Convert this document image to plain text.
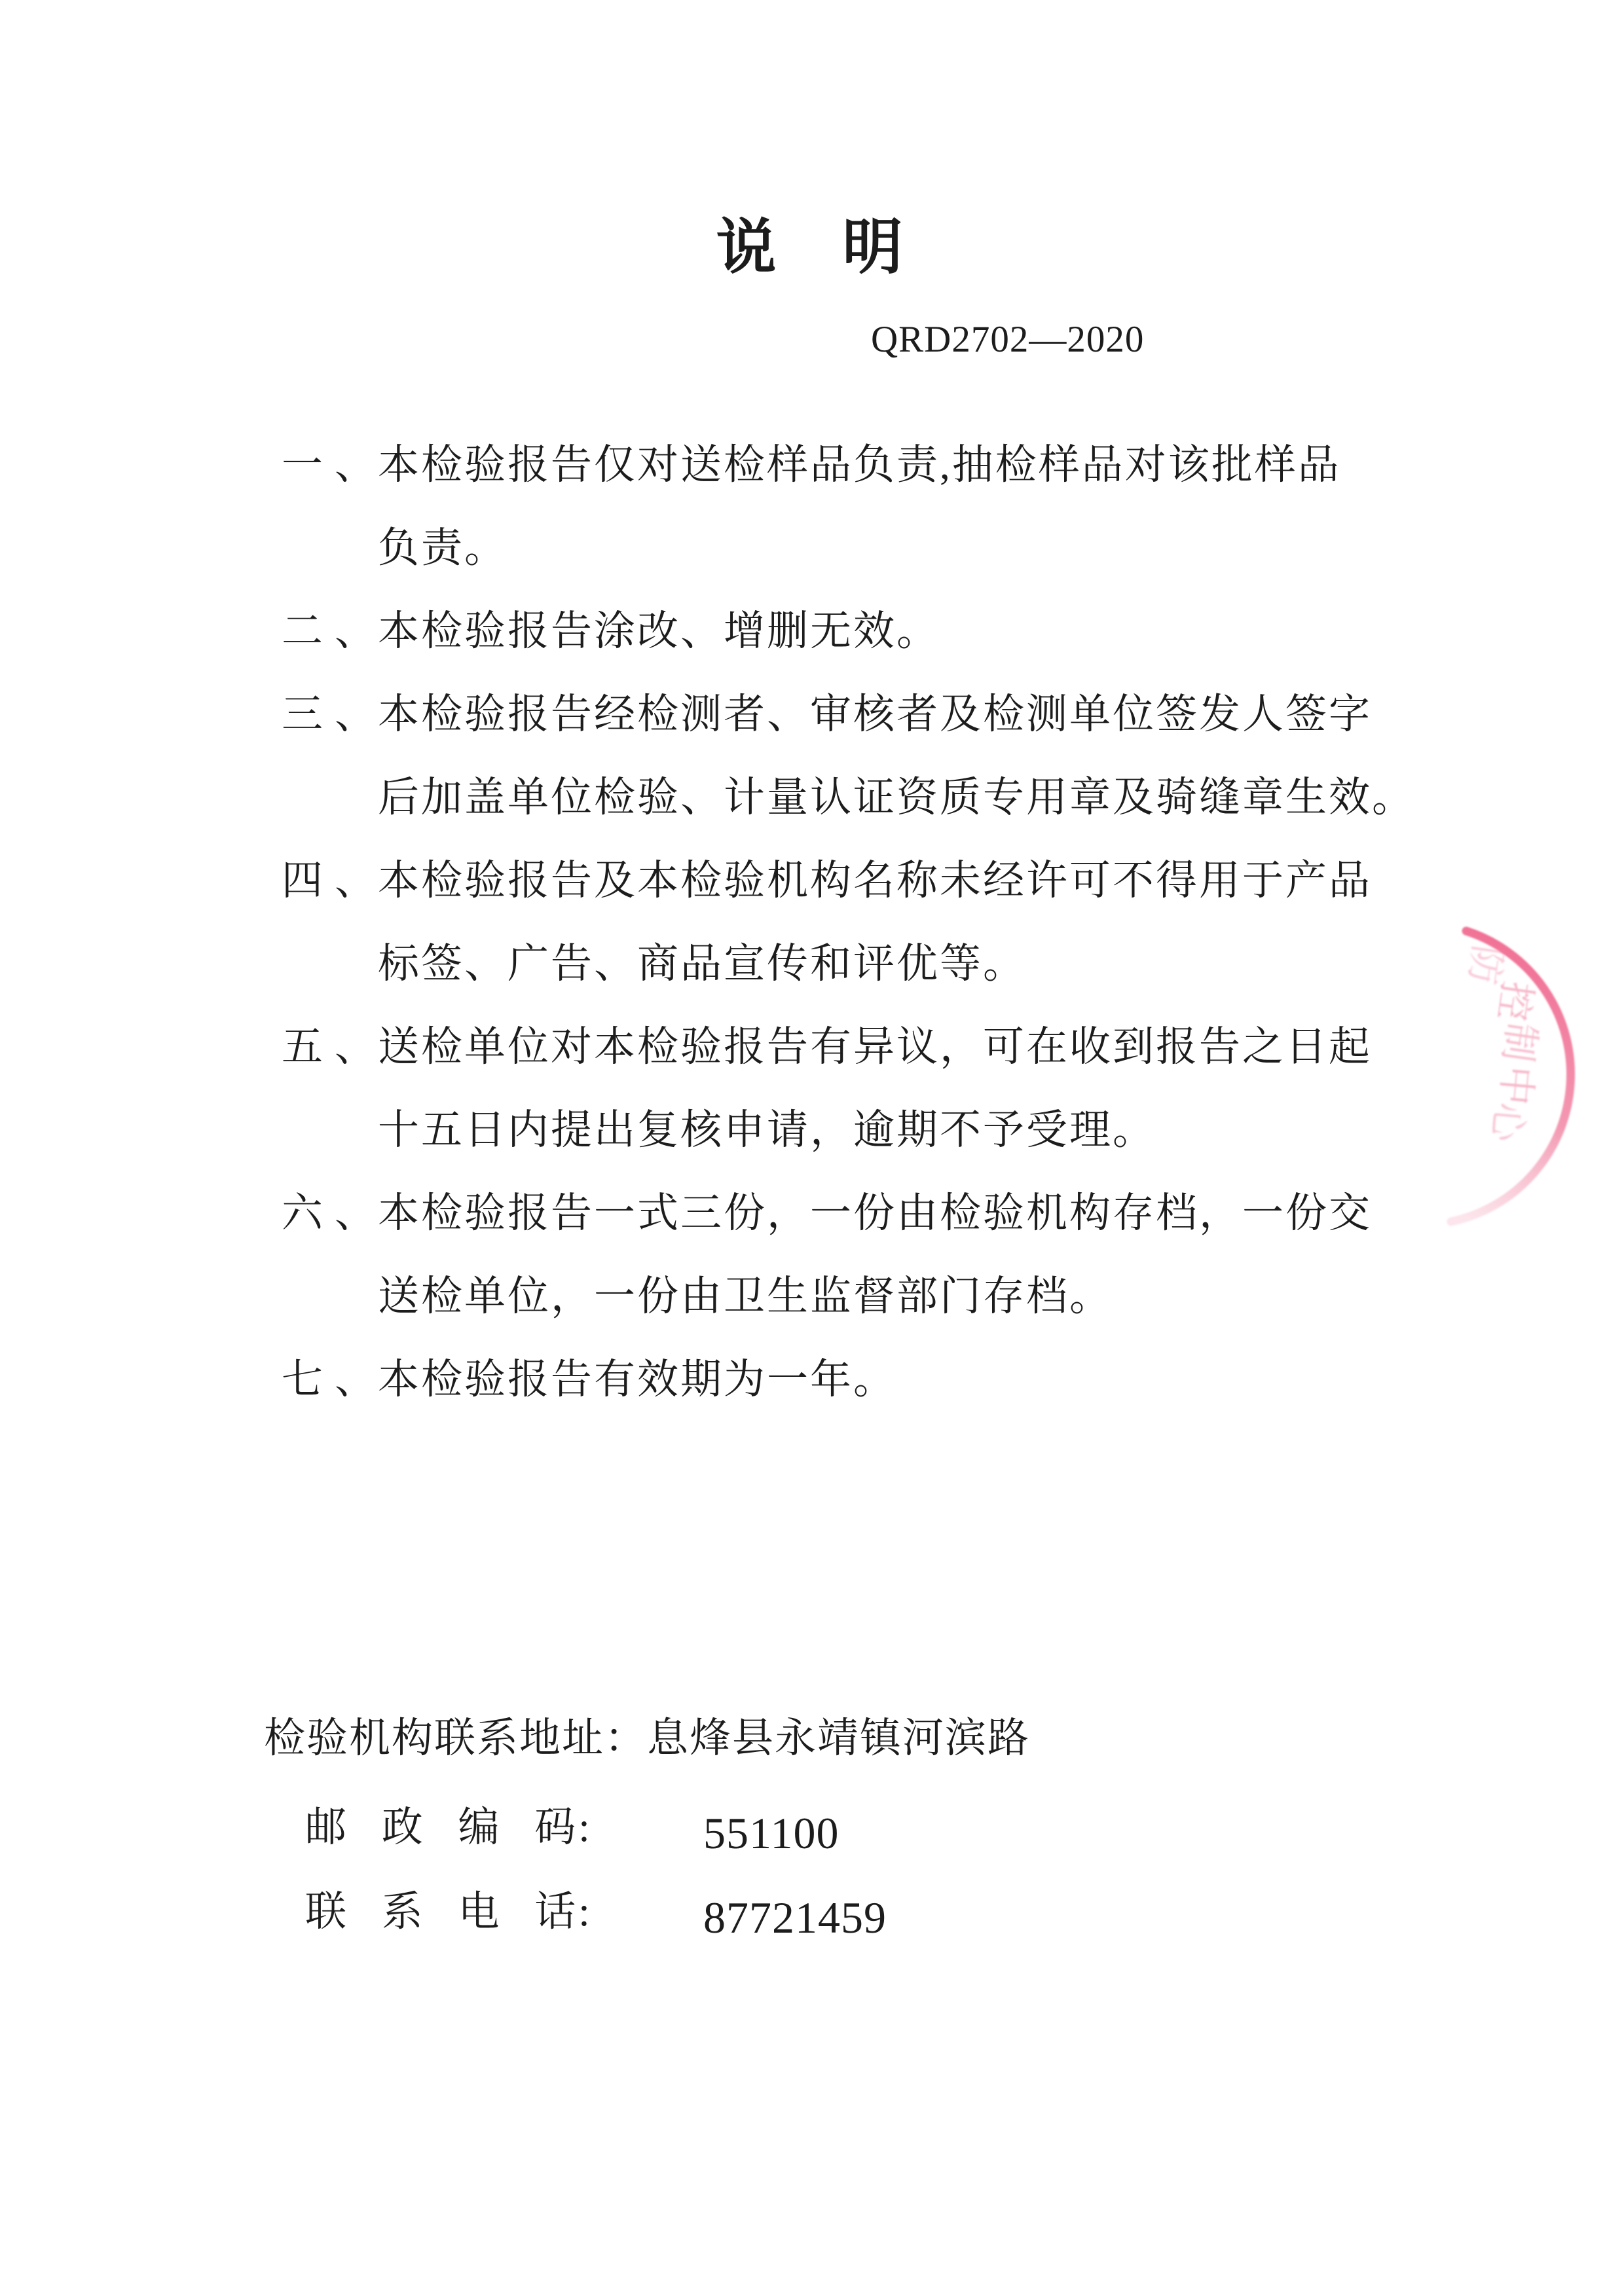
说 明
QRD2702—2020
一、本检验报告仅对送检样品负责,抽检样品对该批样品
负责。
二、本检验报告涂改、增删无效。
三、本检验报告经检测者、审核者及检测单位签发人签字
后加盖单位检验、计量认证资质专用章及骑缝章生效。
四、本检验报告及本检验机构名称未经许可不得用于产品
标签、广告、商品宣传和评优等。
五、送检单位对本检验报告有异议，可在收到报告之日起
十五日内提出复核申请，逾期不予受理。
六、本检验报告一式三份，一份由检验机构存档，一份交
送检单位，一份由卫生监督部门存档。
七、本检验报告有效期为一年。
检验机构联系地址：息烽县永靖镇河滨路
邮 政 编 码: 551100
联 系 电 话: 87721459
防
控
制
中
心
